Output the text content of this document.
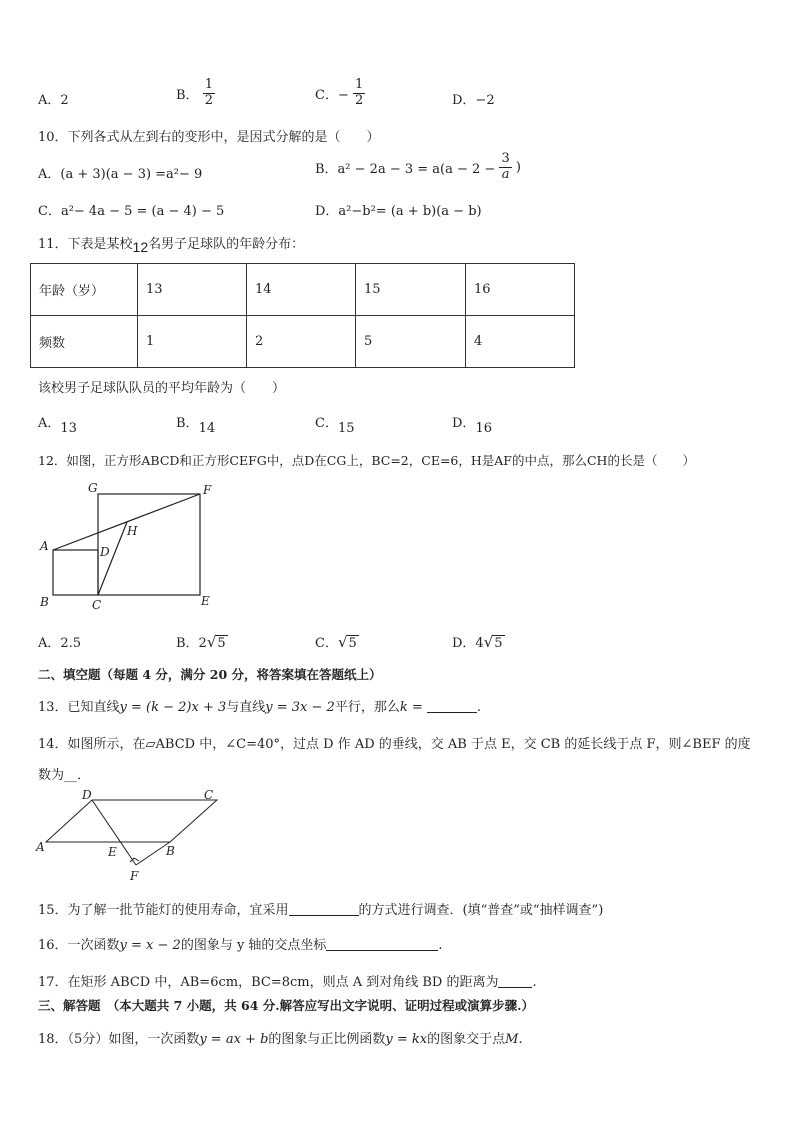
A．2	B． $\frac{1}{2}$	C．− $\frac{1}{2}$	D．−2
10．下列各式从左到右的变形中，是因式分解的是（　　）
A．(a + 3)(a − 3) =a²− 9	B．$a^2 - 2a - 3 = a(a - 2 - \frac{3}{a}$ )
C．a²− 4a − 5 = (a − 4) − 5	D．a²−b²= (a + b)(a − b)
11．下表是某校12名男子足球队的年龄分布：
年龄（岁）	13	14	15	16
频数	1	2	5	4
该校男子足球队队员的平均年龄为（　　）
A．13	B．14	C．15	D．16
12．如图，正方形ABCD和正方形CEFG中，点D在CG上，BC=2，CE=6，H是AF的中点，那么CH的长是（　　）
G	F
H
A	D
B	C	E
A．2.5	B．2√5	C．√5	D．4√5
二、填空题（每题 4 分，满分 20 分，将答案填在答题纸上）
13．已知直线y = (k − 2)x + 3与直线y = 3x − 2平行，那么k =	.
14．如图所示，在▱ABCD 中，∠C=40°，过点 D 作 AD 的垂线，交 AB 于点 E，交 CB 的延长线于点 F，则∠BEF 的度
数为__．
D	C
A	E	B
F
15．为了解一批节能灯的使用寿命，宜采用	的方式进行调查．(填“普查”或“抽样调查”)
16．一次函数y = x − 2的图象与 y 轴的交点坐标	.
17．在矩形 ABCD 中，AB=6cm，BC=8cm，则点 A 到对角线 BD 的距离为	.
三、解答题　（本大题共 7 小题，共 64 分.解答应写出文字说明、证明过程或演算步骤.）
18．（5分）如图，一次函数y = ax + b的图象与正比例函数y = kx的图象交于点M.
